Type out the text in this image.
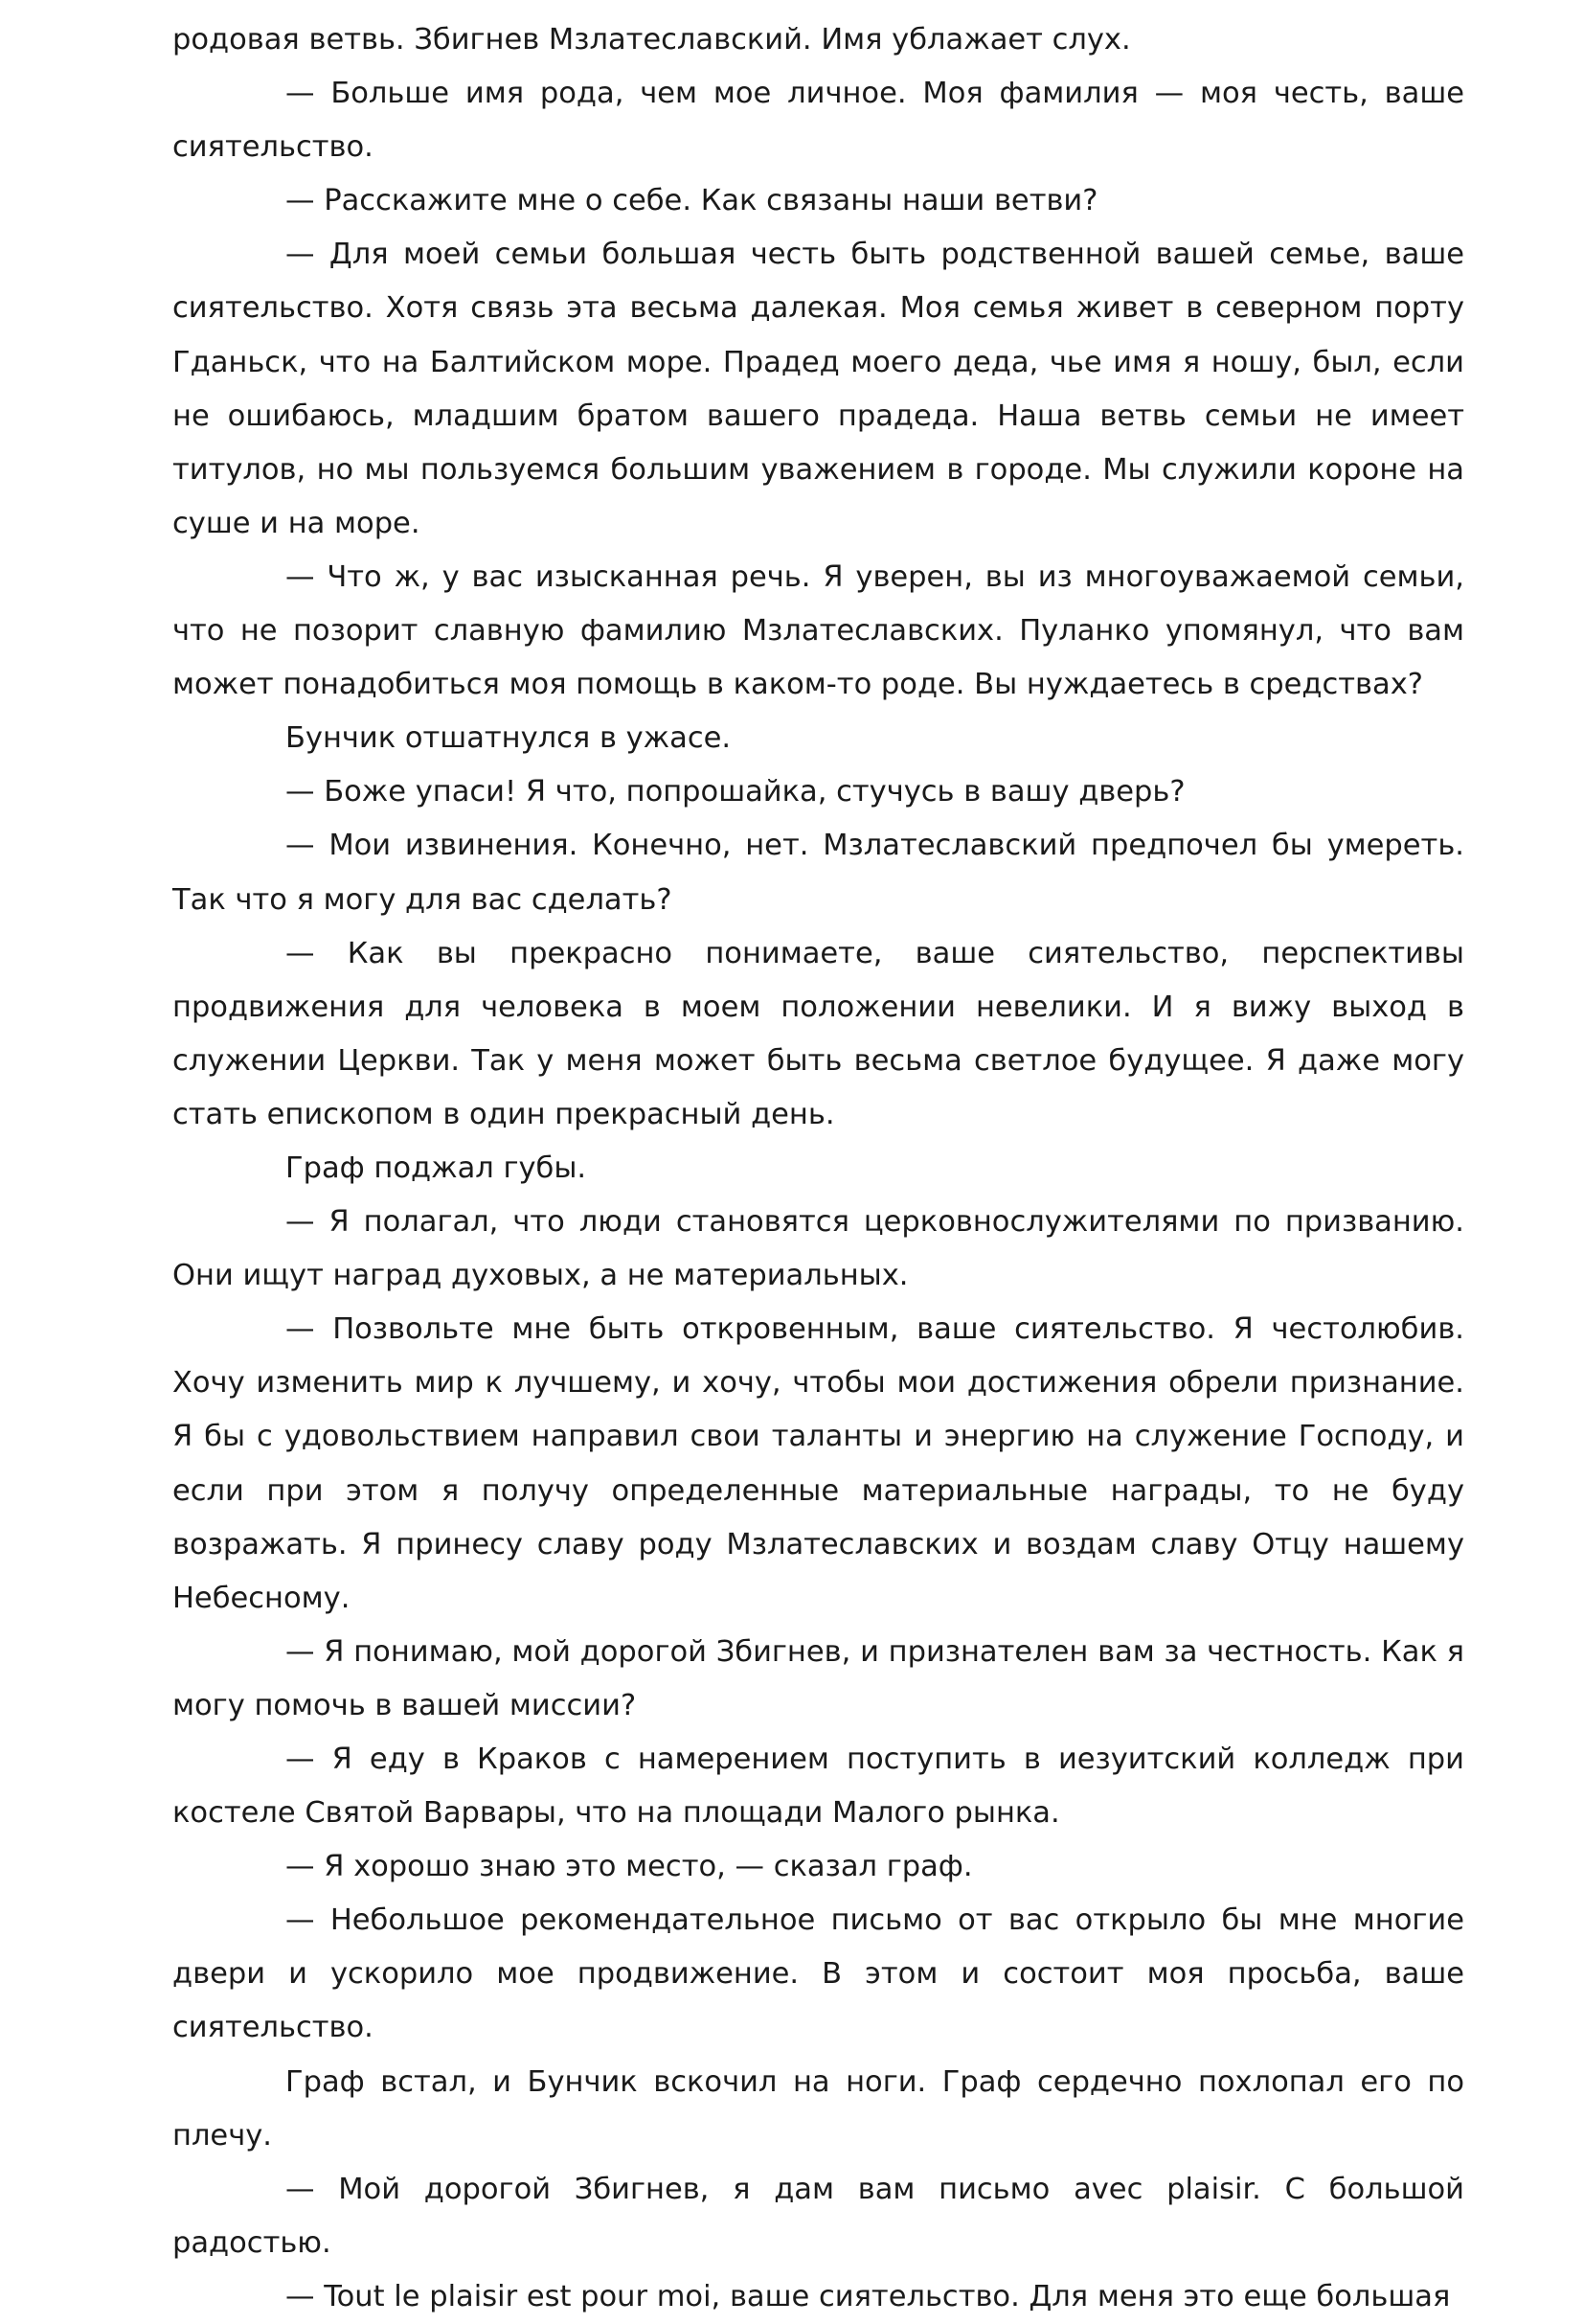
родовая ветвь. Збигнев Мзлатеславский. Имя ублажает слух.

— Больше имя рода, чем мое личное. Моя фамилия — моя честь, ваше сиятельство.

— Расскажите мне о себе. Как связаны наши ветви?

— Для моей семьи большая честь быть родственной вашей семье, ваше сиятельство. Хотя связь эта весьма далекая. Моя семья живет в северном порту Гданьск, что на Балтийском море. Прадед моего деда, чье имя я ношу, был, если не ошибаюсь, младшим братом вашего прадеда. Наша ветвь семьи не имеет титулов, но мы пользуемся большим уважением в городе. Мы служили короне на суше и на море.

— Что ж, у вас изысканная речь. Я уверен, вы из многоуважаемой семьи, что не позорит славную фамилию Мзлатеславских. Пуланко упомянул, что вам может понадобиться моя помощь в каком-то роде. Вы нуждаетесь в средствах?

Бунчик отшатнулся в ужасе.

— Боже упаси! Я что, попрошайка, стучусь в вашу дверь?

— Мои извинения. Конечно, нет. Мзлатеславский предпочел бы умереть. Так что я могу для вас сделать?

— Как вы прекрасно понимаете, ваше сиятельство, перспективы продвижения для человека в моем положении невелики. И я вижу выход в служении Церкви. Так у меня может быть весьма светлое будущее. Я даже могу стать епископом в один прекрасный день.

Граф поджал губы.

— Я полагал, что люди становятся церковнослужителями по призванию. Они ищут наград духовых, а не материальных.

— Позвольте мне быть откровенным, ваше сиятельство. Я честолюбив. Хочу изменить мир к лучшему, и хочу, чтобы мои достижения обрели признание. Я бы с удовольствием направил свои таланты и энергию на служение Господу, и если при этом я получу определенные материальные награды, то не буду возражать. Я принесу славу роду Мзлатеславских и воздам славу Отцу нашему Небесному.

— Я понимаю, мой дорогой Збигнев, и признателен вам за честность. Как я могу помочь в вашей миссии?

— Я еду в Краков с намерением поступить в иезуитский колледж при костеле Святой Варвары, что на площади Малого рынка.

— Я хорошо знаю это место, — сказал граф.

— Небольшое рекомендательное письмо от вас открыло бы мне многие двери и ускорило мое продвижение. В этом и состоит моя просьба, ваше сиятельство.

Граф встал, и Бунчик вскочил на ноги. Граф сердечно похлопал его по плечу.

— Мой дорогой Збигнев, я дам вам письмо avec plaisir. С большой радостью.

— Tout le plaisir est pour moi, ваше сиятельство. Для меня это еще большая
